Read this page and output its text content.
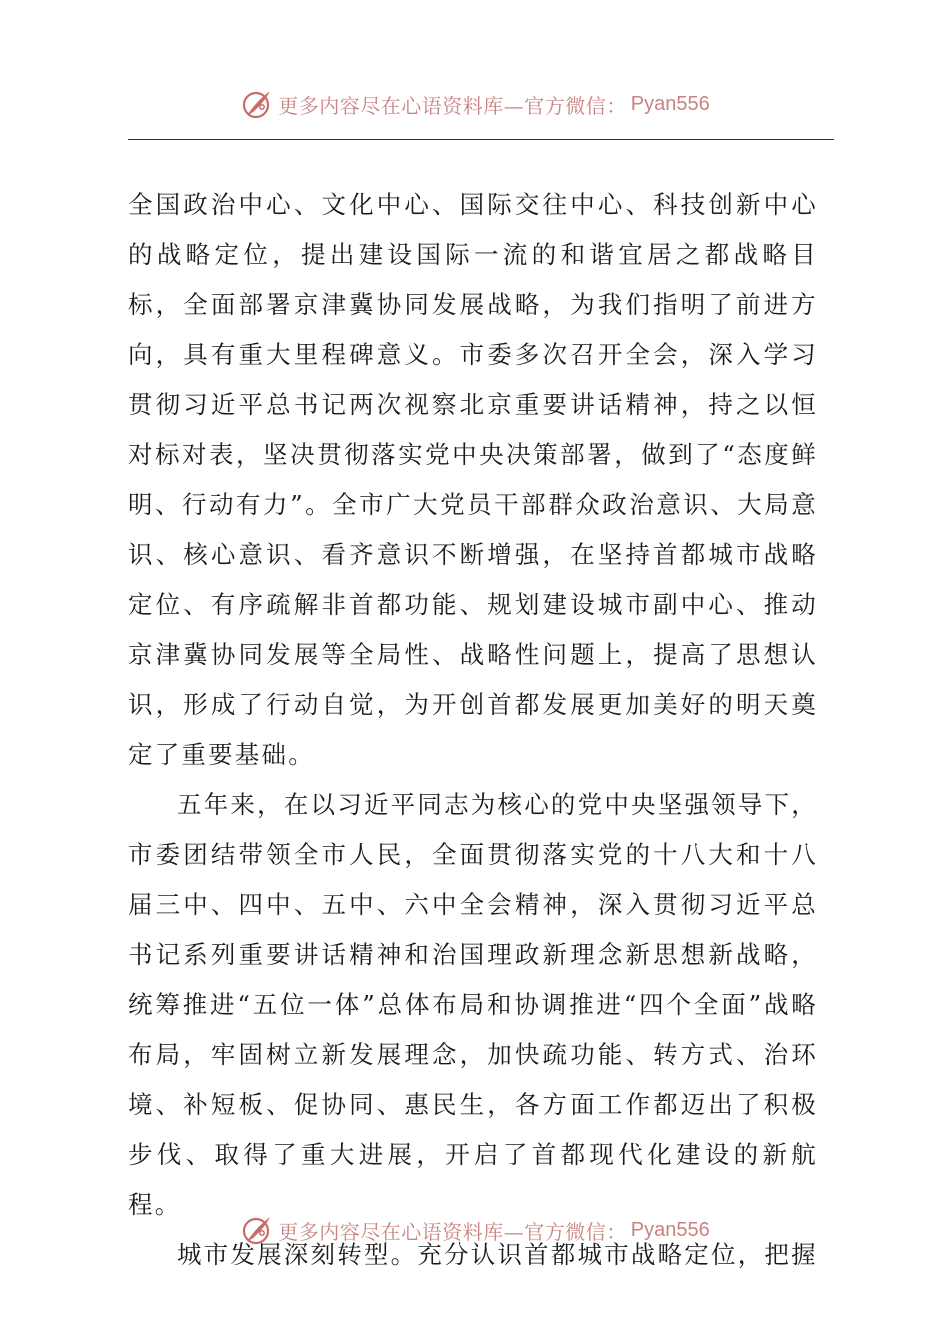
更多内容尽在心语资料库—官方微信： Pyan556

全国政治中心、文化中心、国际交往中心、科技创新中心的战略定位，提出建设国际一流的和谐宜居之都战略目标，全面部署京津冀协同发展战略，为我们指明了前进方向，具有重大里程碑意义。市委多次召开全会，深入学习贯彻习近平总书记两次视察北京重要讲话精神，持之以恒对标对表，坚决贯彻落实党中央决策部署，做到了“态度鲜明、行动有力”。全市广大党员干部群众政治意识、大局意识、核心意识、看齐意识不断增强，在坚持首都城市战略定位、有序疏解非首都功能、规划建设城市副中心、推动京津冀协同发展等全局性、战略性问题上，提高了思想认识，形成了行动自觉，为开创首都发展更加美好的明天奠定了重要基础。

五年来，在以习近平同志为核心的党中央坚强领导下，市委团结带领全市人民，全面贯彻落实党的十八大和十八届三中、四中、五中、六中全会精神，深入贯彻习近平总书记系列重要讲话精神和治国理政新理念新思想新战略，统筹推进“五位一体”总体布局和协调推进“四个全面”战略布局，牢固树立新发展理念，加快疏功能、转方式、治环境、补短板、促协同、惠民生，各方面工作都迈出了积极步伐、取得了重大进展，开启了首都现代化建设的新航程。

城市发展深刻转型。充分认识首都城市战略定位，把握

更多内容尽在心语资料库—官方微信： Pyan556
